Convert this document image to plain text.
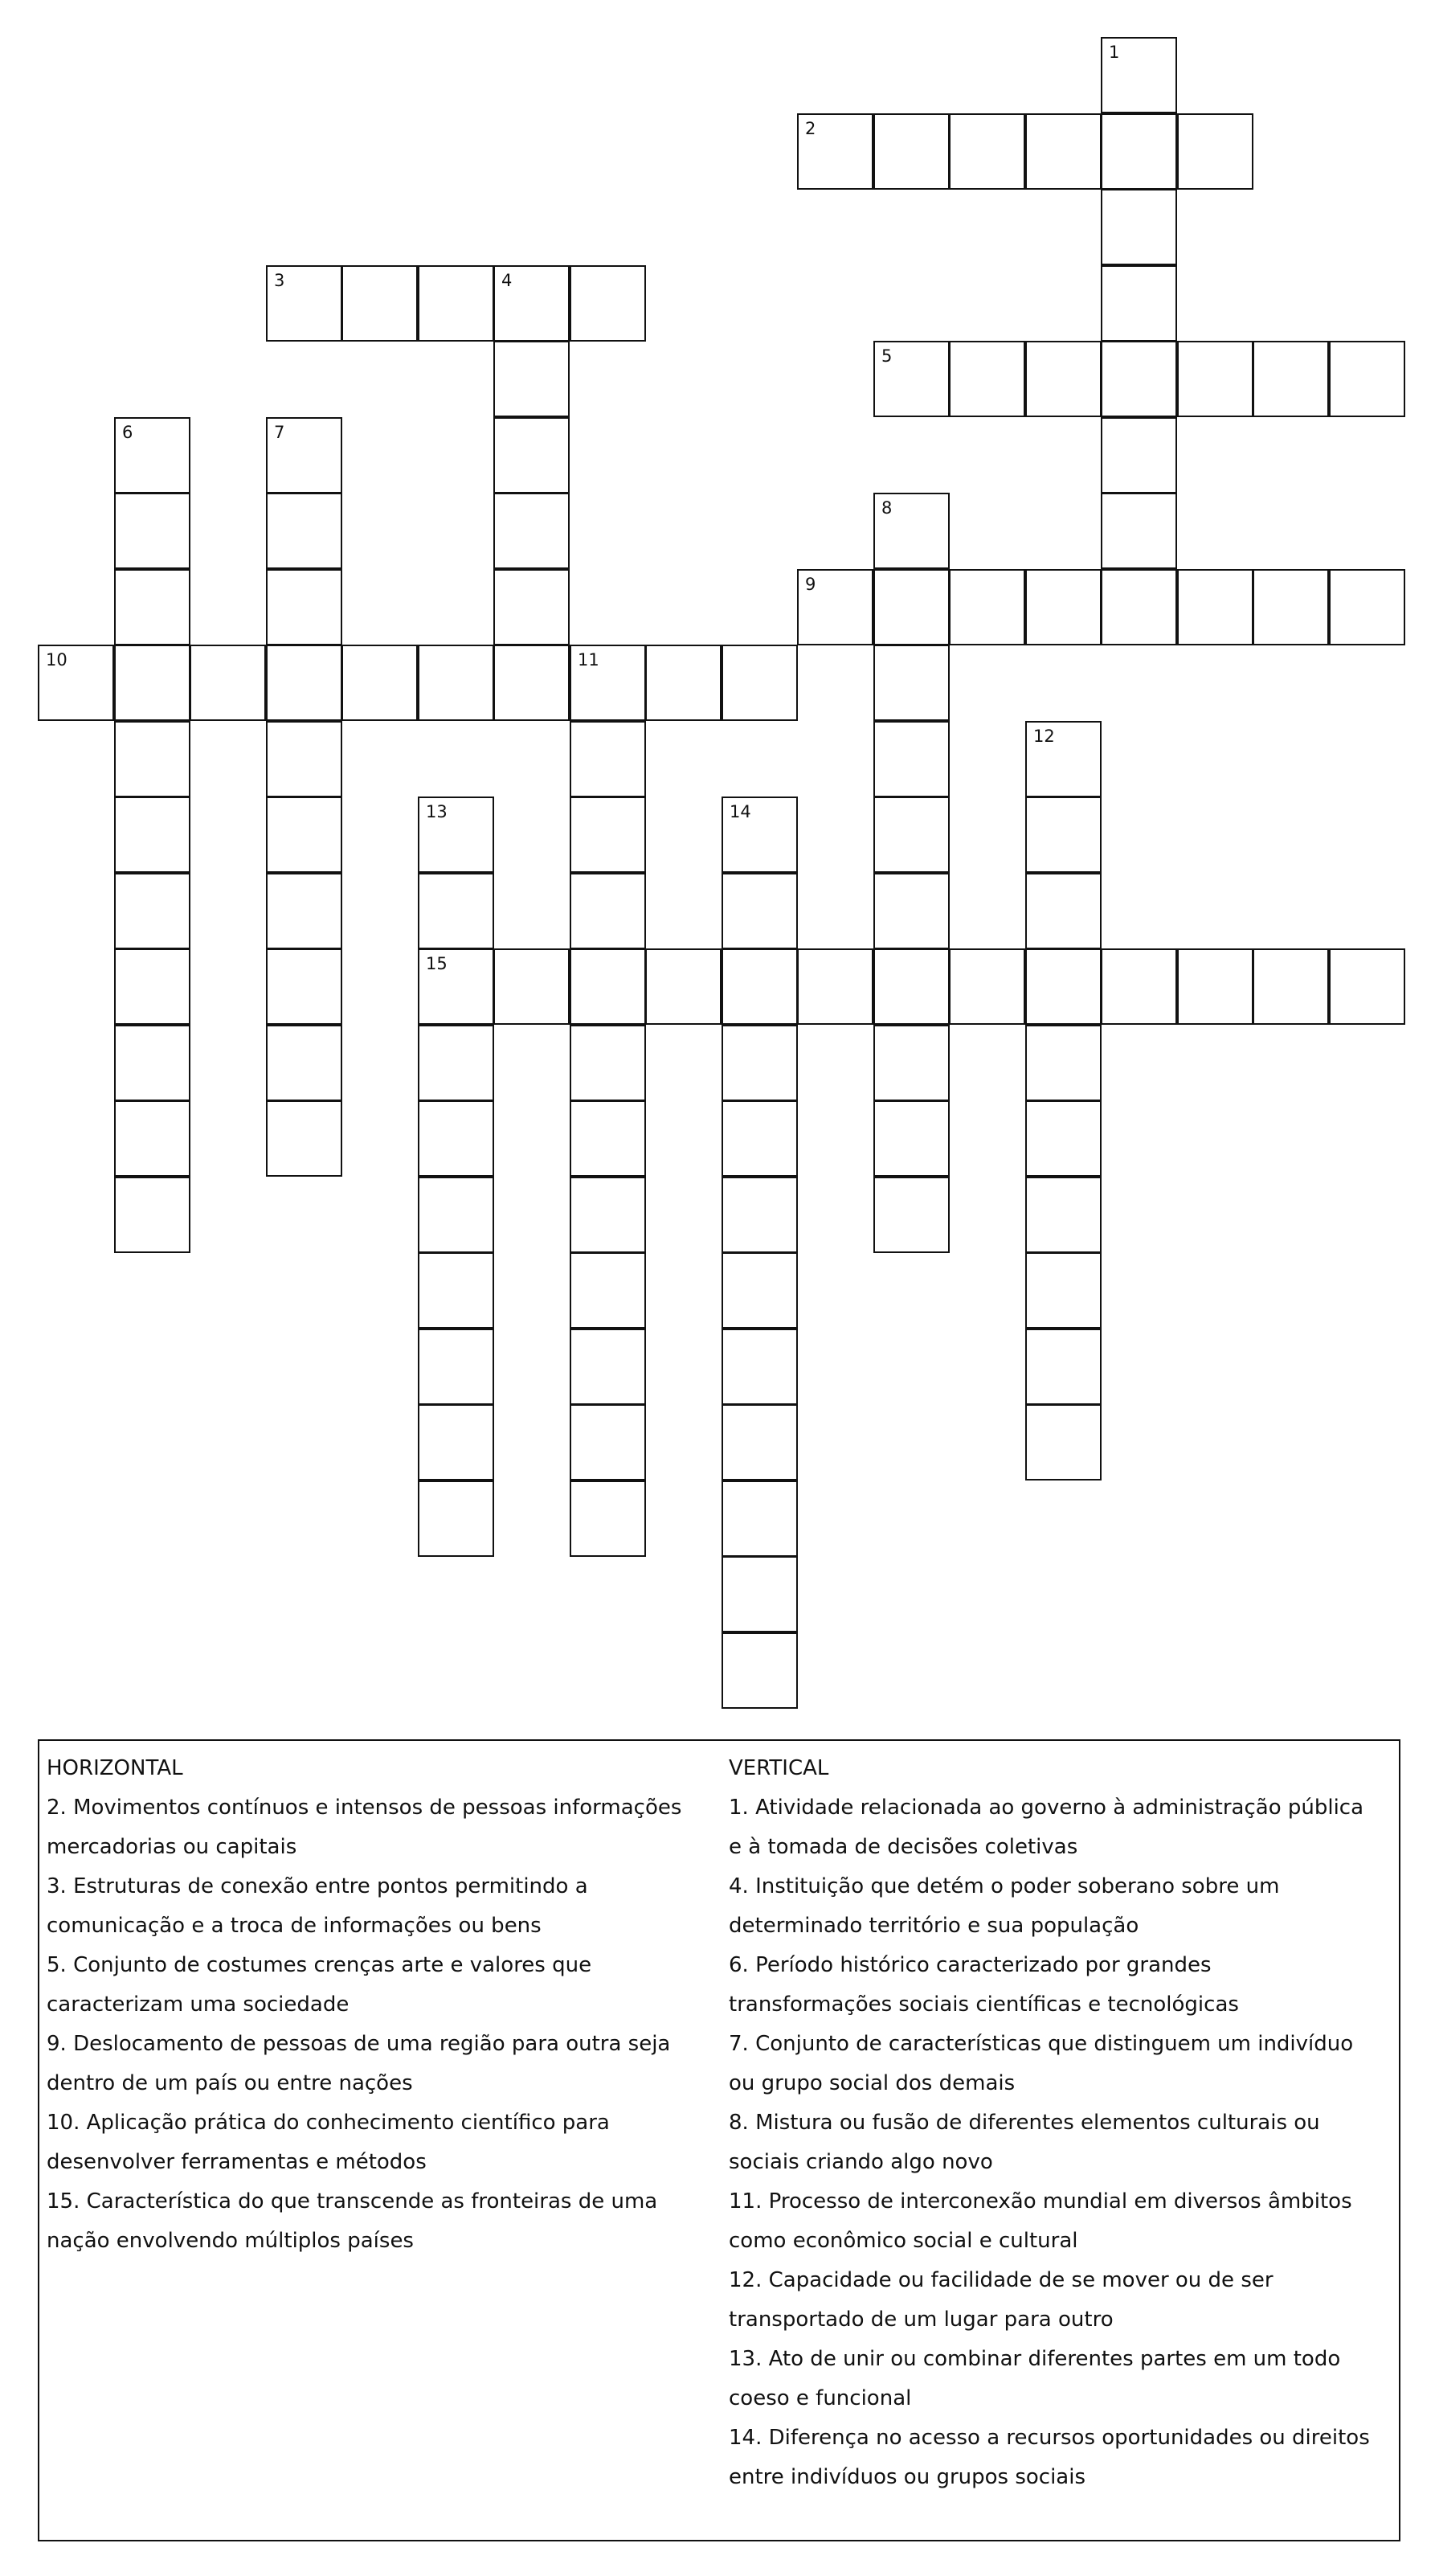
1
2
3	4
5
6	7
8
9
10	11
12
13
15
14

HORIZONTAL

2. Movimentos contínuos e intensos de pessoas informações

mercadorias ou capitais

3. Estruturas de conexão entre pontos permitindo a

comunicação e a troca de informações ou bens

5. Conjunto de costumes crenças arte e valores que

caracterizam uma sociedade

9. Deslocamento de pessoas de uma região para outra seja

dentro de um país ou entre nações

10. Aplicação prática do conhecimento científico para

desenvolver ferramentas e métodos

15. Característica do que transcende as fronteiras de uma

nação envolvendo múltiplos países

VERTICAL

1. Atividade relacionada ao governo à administração pública

e à tomada de decisões coletivas

4. Instituição que detém o poder soberano sobre um

determinado território e sua população

6. Período histórico caracterizado por grandes

transformações sociais científicas e tecnológicas

7. Conjunto de características que distinguem um indivíduo

ou grupo social dos demais

8. Mistura ou fusão de diferentes elementos culturais ou

sociais criando algo novo

11. Processo de interconexão mundial em diversos âmbitos

como econômico social e cultural

12. Capacidade ou facilidade de se mover ou de ser

transportado de um lugar para outro

13. Ato de unir ou combinar diferentes partes em um todo

coeso e funcional

14. Diferença no acesso a recursos oportunidades ou direitos

entre indivíduos ou grupos sociais
